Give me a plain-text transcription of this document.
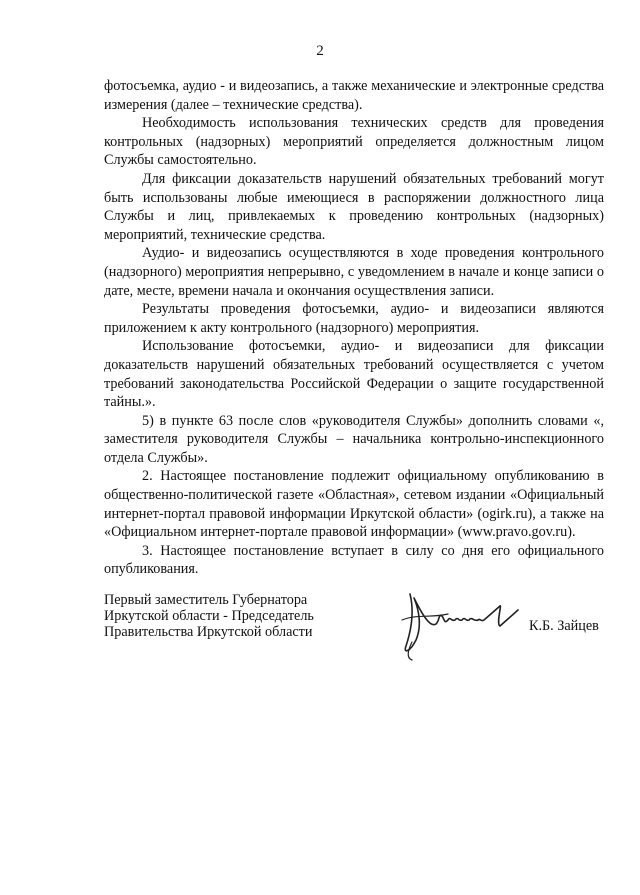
2

фотосъемка, аудио - и видеозапись, а также механические и электронные средства измерения (далее – технические средства).

Необходимость использования технических средств для проведения контрольных (надзорных) мероприятий определяется должностным лицом Службы самостоятельно.

Для фиксации доказательств нарушений обязательных требований могут быть использованы любые имеющиеся в распоряжении должностного лица Службы и лиц, привлекаемых к проведению контрольных (надзорных) мероприятий, технические средства.

Аудио- и видеозапись осуществляются в ходе проведения контрольного (надзорного) мероприятия непрерывно, с уведомлением в начале и конце записи о дате, месте, времени начала и окончания осуществления записи.

Результаты проведения фотосъемки, аудио- и видеозаписи являются приложением к акту контрольного (надзорного) мероприятия.

Использование фотосъемки, аудио- и видеозаписи для фиксации доказательств нарушений обязательных требований осуществляется с учетом требований законодательства Российской Федерации о защите государственной тайны.».

5) в пункте 63 после слов «руководителя Службы» дополнить словами «, заместителя руководителя Службы – начальника контрольно-инспекционного отдела Службы».

2. Настоящее постановление подлежит официальному опубликованию в общественно-политической газете «Областная», сетевом издании «Официальный интернет-портал правовой информации Иркутской области» (ogirk.ru), а также на «Официальном интернет-портале правовой информации» (www.pravo.gov.ru).

3. Настоящее постановление вступает в силу со дня его официального опубликования.

Первый заместитель Губернатора
Иркутской области - Председатель
Правительства Иркутской области	К.Б. Зайцев
